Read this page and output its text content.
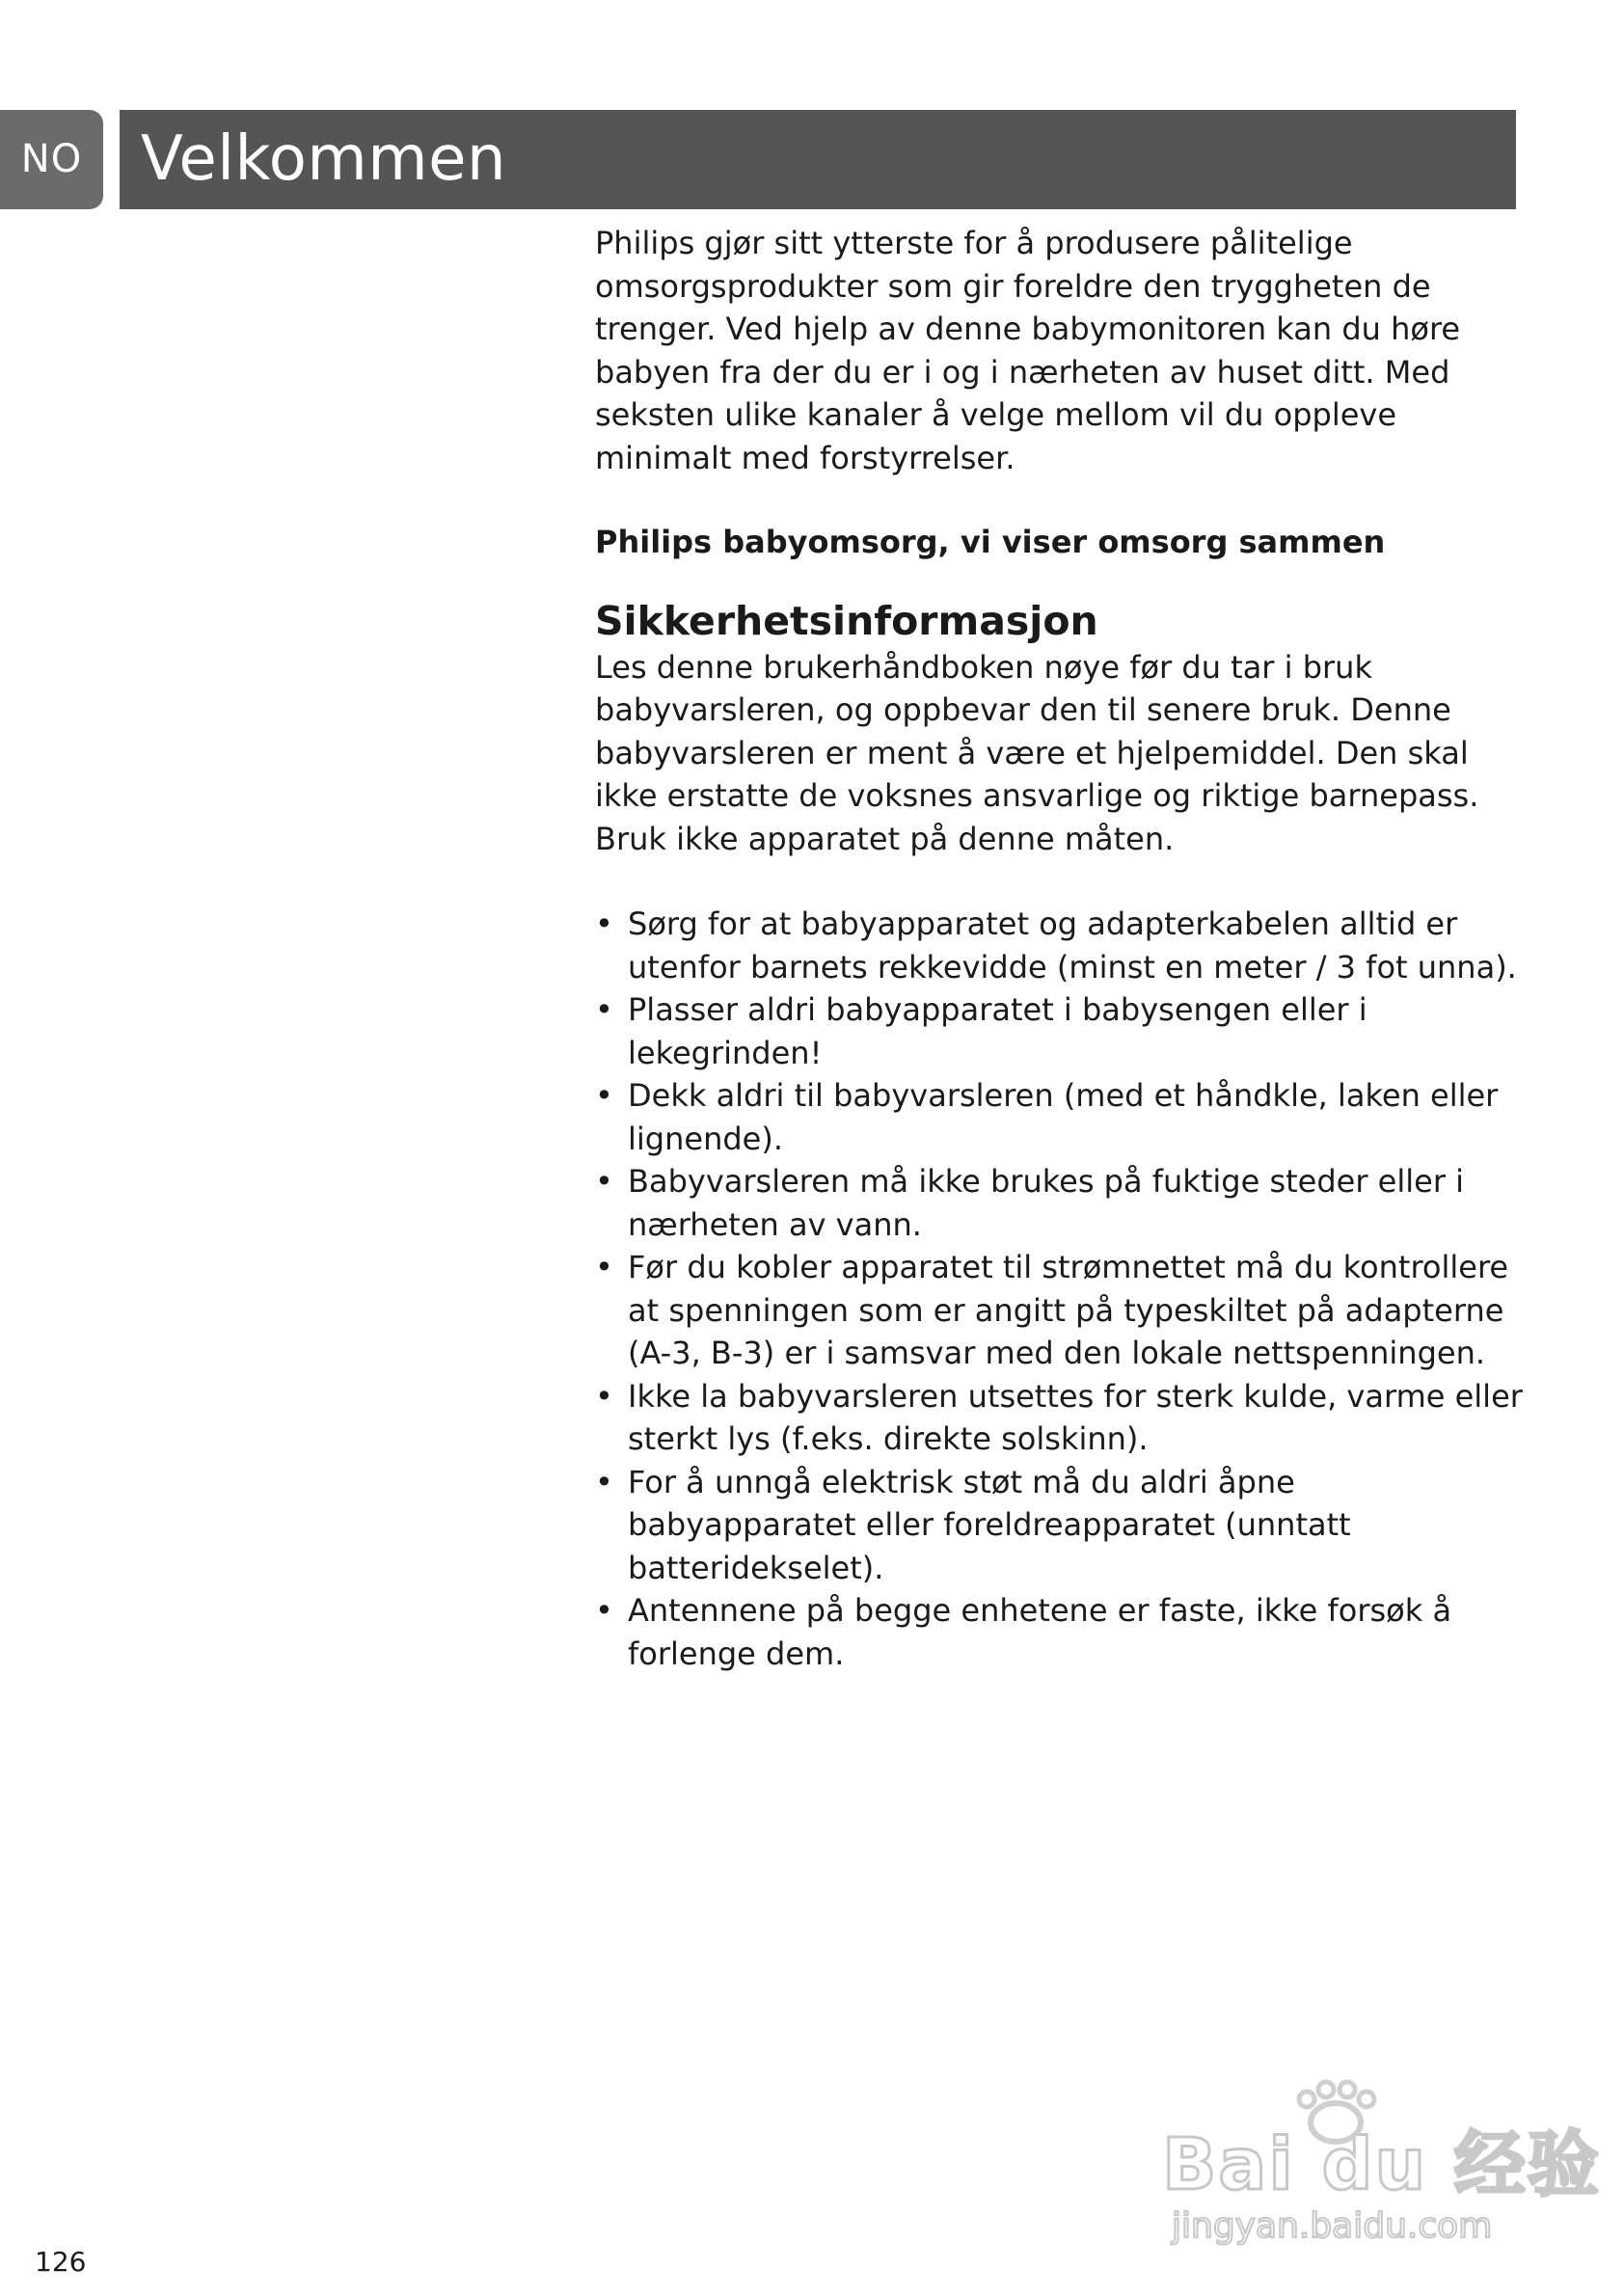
NO Velkommen

Philips gjør sitt ytterste for å produsere pålitelige omsorgsprodukter som gir foreldre den tryggheten de trenger. Ved hjelp av denne babymonitoren kan du høre babyen fra der du er i og i nærheten av huset ditt. Med seksten ulike kanaler å velge mellom vil du oppleve minimalt med forstyrrelser.

Philips babyomsorg, vi viser omsorg sammen

Sikkerhetsinformasjon

Les denne brukerhåndboken nøye før du tar i bruk babyvarsleren, og oppbevar den til senere bruk. Denne babyvarsleren er ment å være et hjelpemiddel. Den skal ikke erstatte de voksnes ansvarlige og riktige barnepass. Bruk ikke apparatet på denne måten.

• Sørg for at babyapparatet og adapterkabelen alltid er utenfor barnets rekkevidde (minst en meter / 3 fot unna).
• Plasser aldri babyapparatet i babysengen eller i lekegrinden!
• Dekk aldri til babyvarsleren (med et håndkle, laken eller lignende).
• Babyvarsleren må ikke brukes på fuktige steder eller i nærheten av vann.
• Før du kobler apparatet til strømnettet må du kontrollere at spenningen som er angitt på typeskiltet på adapterne (A-3, B-3) er i samsvar med den lokale nettspenningen.
• Ikke la babyvarsleren utsettes for sterk kulde, varme eller sterkt lys (f.eks. direkte solskinn).
• For å unngå elektrisk støt må du aldri åpne babyapparatet eller foreldreapparatet (unntatt batteridekselet).
• Antennene på begge enhetene er faste, ikke forsøk å forlenge dem.
126
Bai du 经验
jingyan.baidu.com
